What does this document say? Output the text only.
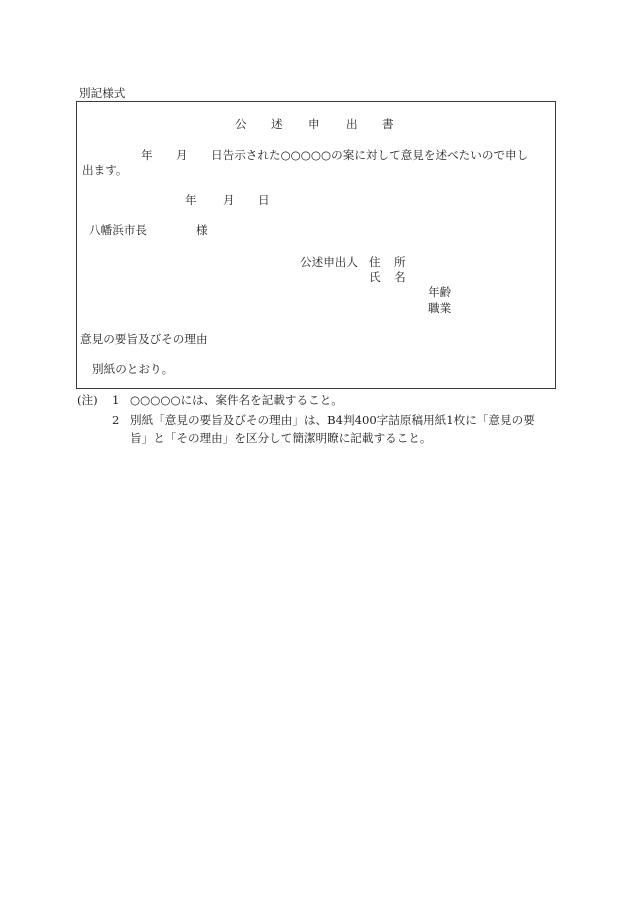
別記様式
公 述 申 出 書
年 月 日告示された○○○○○の案に対して意見を述べたいので申し
出ます。
年 月 日
八幡浜市長	様
公述申出人 住 所
氏 名
年齢
職業
意見の要旨及びその理由
別紙のとおり。
(注) 1 ○○○○○には、案件名を記載すること。
2 別紙「意見の要旨及びその理由」は、B4判400字詰原稿用紙1枚に「意見の要
旨」と「その理由」を区分して簡潔明瞭に記載すること。
